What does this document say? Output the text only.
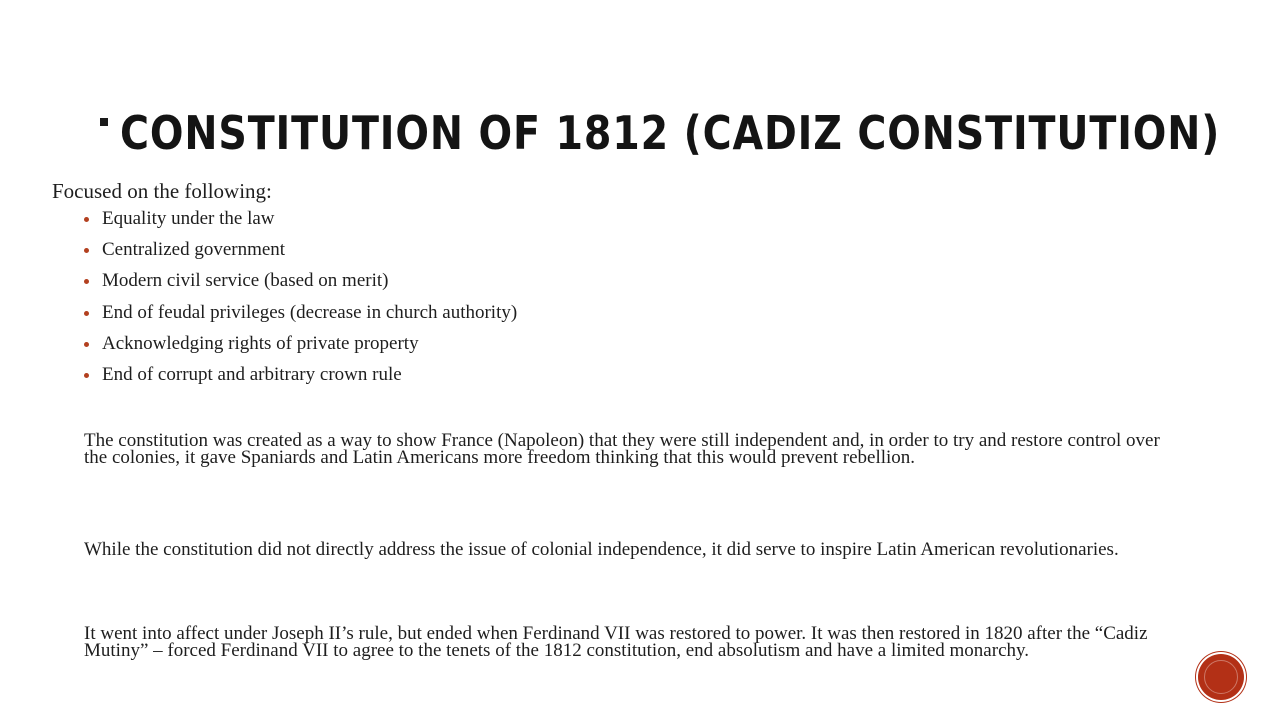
CONSTITUTION OF 1812 (CADIZ CONSTITUTION)

Focused on the following:

Equality under the law
Centralized government
Modern civil service (based on merit)
End of feudal privileges (decrease in church authority)
Acknowledging rights of private property
End of corrupt and arbitrary crown rule

The constitution was created as a way to show France (Napoleon) that they were still independent and, in order to try and restore control over the colonies, it gave Spaniards and Latin Americans more freedom thinking that this would prevent rebellion.

While the constitution did not directly address the issue of colonial independence, it did serve to inspire Latin American revolutionaries.

It went into affect under Joseph II’s rule, but ended when Ferdinand VII was restored to power. It was then restored in 1820 after the “Cadiz Mutiny” – forced Ferdinand VII to agree to the tenets of the 1812 constitution, end absolutism and have a limited monarchy.
